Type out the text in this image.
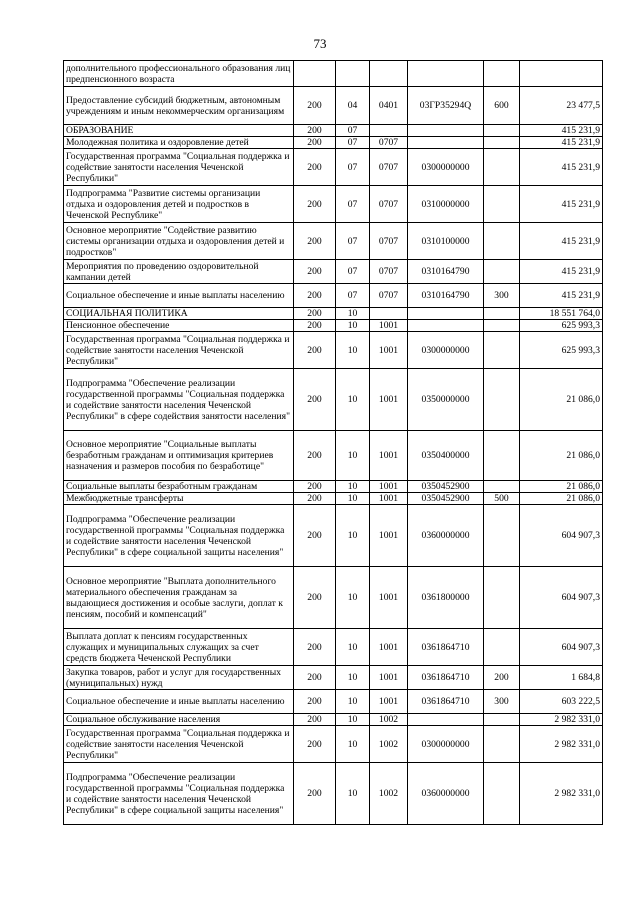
73
дополнительного профессионального образования лиц предпенсионного возраста						
Предоставление субсидий бюджетным, автономным учреждениям и иным некоммерческим организациям	200	04	0401	03ГР35294Q	600	23 477,5
ОБРАЗОВАНИЕ	200	07				415 231,9
Молодежная политика и оздоровление детей	200	07	0707			415 231,9
Государственная программа "Социальная поддержка и содействие занятости населения Чеченской Республики"	200	07	0707	0300000000		415 231,9
Подпрограмма "Развитие системы организации отдыха и оздоровления детей и подростков в Чеченской Республике"	200	07	0707	0310000000		415 231,9
Основное мероприятие "Содействие развитию системы организации отдыха и оздоровления детей и подростков"	200	07	0707	0310100000		415 231,9
Мероприятия по проведению оздоровительной кампании детей	200	07	0707	0310164790		415 231,9
Социальное обеспечение и иные выплаты населению	200	07	0707	0310164790	300	415 231,9
СОЦИАЛЬНАЯ ПОЛИТИКА	200	10				18 551 764,0
Пенсионное обеспечение	200	10	1001			625 993,3
Государственная программа "Социальная поддержка и содействие занятости населения Чеченской Республики"	200	10	1001	0300000000		625 993,3
Подпрограмма "Обеспечение реализации государственной программы "Социальная поддержка и содействие занятости населения Чеченской Республики" в сфере содействия занятости населения"	200	10	1001	0350000000		21 086,0
Основное мероприятие "Социальные выплаты безработным гражданам и оптимизация критериев назначения и размеров пособия по безработице"	200	10	1001	0350400000		21 086,0
Социальные выплаты безработным гражданам	200	10	1001	0350452900		21 086,0
Межбюджетные трансферты	200	10	1001	0350452900	500	21 086,0
Подпрограмма "Обеспечение реализации государственной программы "Социальная поддержка и содействие занятости населения Чеченской Республики" в сфере социальной защиты населения"	200	10	1001	0360000000		604 907,3
Основное мероприятие "Выплата дополнительного материального обеспечения гражданам за выдающиеся достижения и особые заслуги, доплат к пенсиям, пособий и компенсаций"	200	10	1001	0361800000		604 907,3
Выплата доплат к пенсиям государственных служащих и муниципальных служащих за счет средств бюджета Чеченской Республики	200	10	1001	0361864710		604 907,3
Закупка товаров, работ и услуг для государственных (муниципальных) нужд	200	10	1001	0361864710	200	1 684,8
Социальное обеспечение и иные выплаты населению	200	10	1001	0361864710	300	603 222,5
Социальное обслуживание населения	200	10	1002			2 982 331,0
Государственная программа "Социальная поддержка и содействие занятости населения Чеченской Республики"	200	10	1002	0300000000		2 982 331,0
Подпрограмма "Обеспечение реализации государственной программы "Социальная поддержка и содействие занятости населения Чеченской Республики" в сфере социальной защиты населения"	200	10	1002	0360000000		2 982 331,0
